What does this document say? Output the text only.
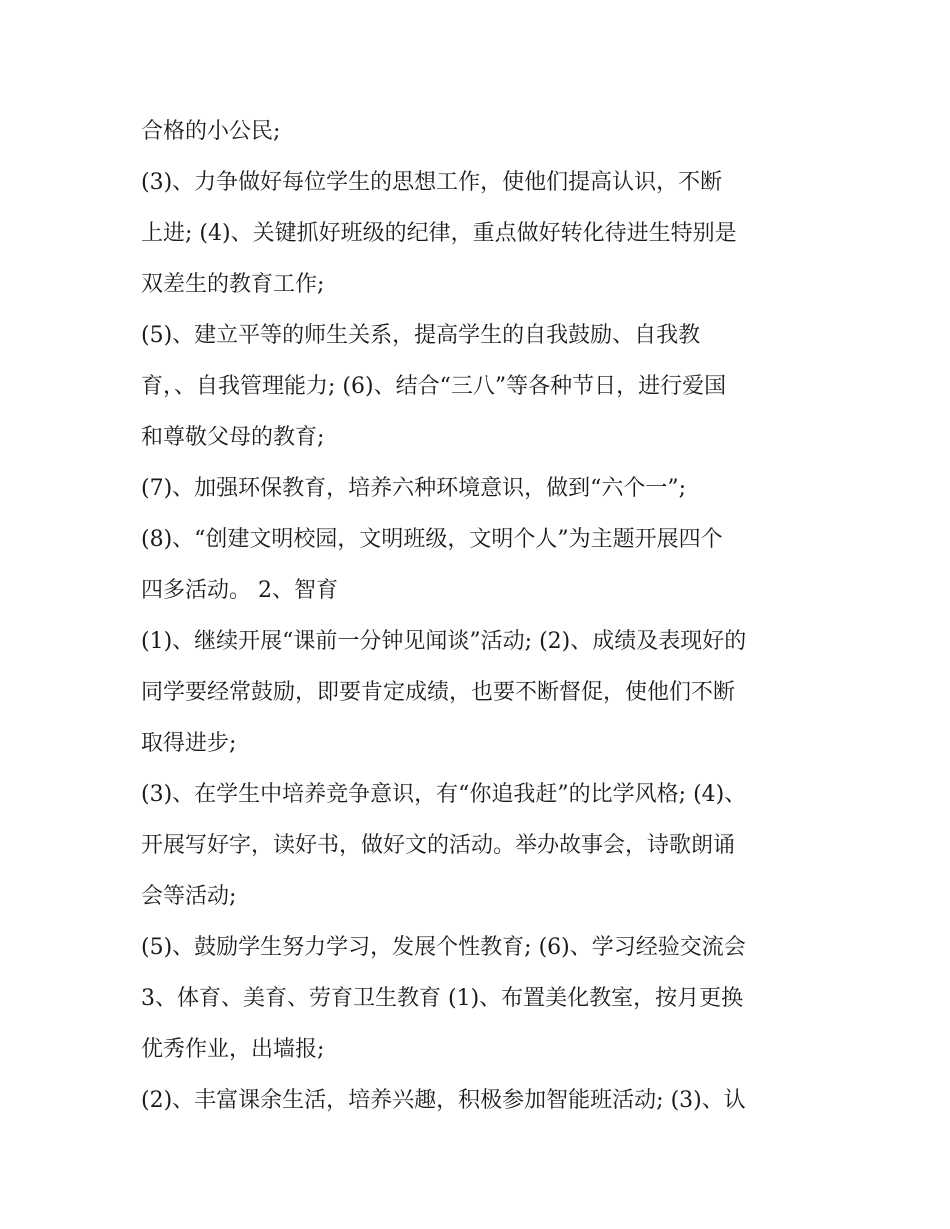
合格的小公民;
(3)、力争做好每位学生的思想工作，使他们提高认识，不断
上进; (4)、关键抓好班级的纪律，重点做好转化待进生特别是
双差生的教育工作;
(5)、建立平等的师生关系，提高学生的自我鼓励、自我教
育，、自我管理能力; (6)、结合“三八”等各种节日，进行爱国
和尊敬父母的教育;
(7)、加强环保教育，培养六种环境意识，做到“六个一”;
(8)、“创建文明校园，文明班级，文明个人”为主题开展四个
四多活动。 2、智育
(1)、继续开展“课前一分钟见闻谈”活动; (2)、成绩及表现好的
同学要经常鼓励，即要肯定成绩，也要不断督促，使他们不断
取得进步;
(3)、在学生中培养竞争意识，有“你追我赶”的比学风格; (4)、
开展写好字，读好书，做好文的活动。举办故事会，诗歌朗诵
会等活动;
(5)、鼓励学生努力学习，发展个性教育; (6)、学习经验交流会
3、体育、美育、劳育卫生教育 (1)、布置美化教室，按月更换
优秀作业，出墙报;
(2)、丰富课余生活，培养兴趣，积极参加智能班活动; (3)、认
